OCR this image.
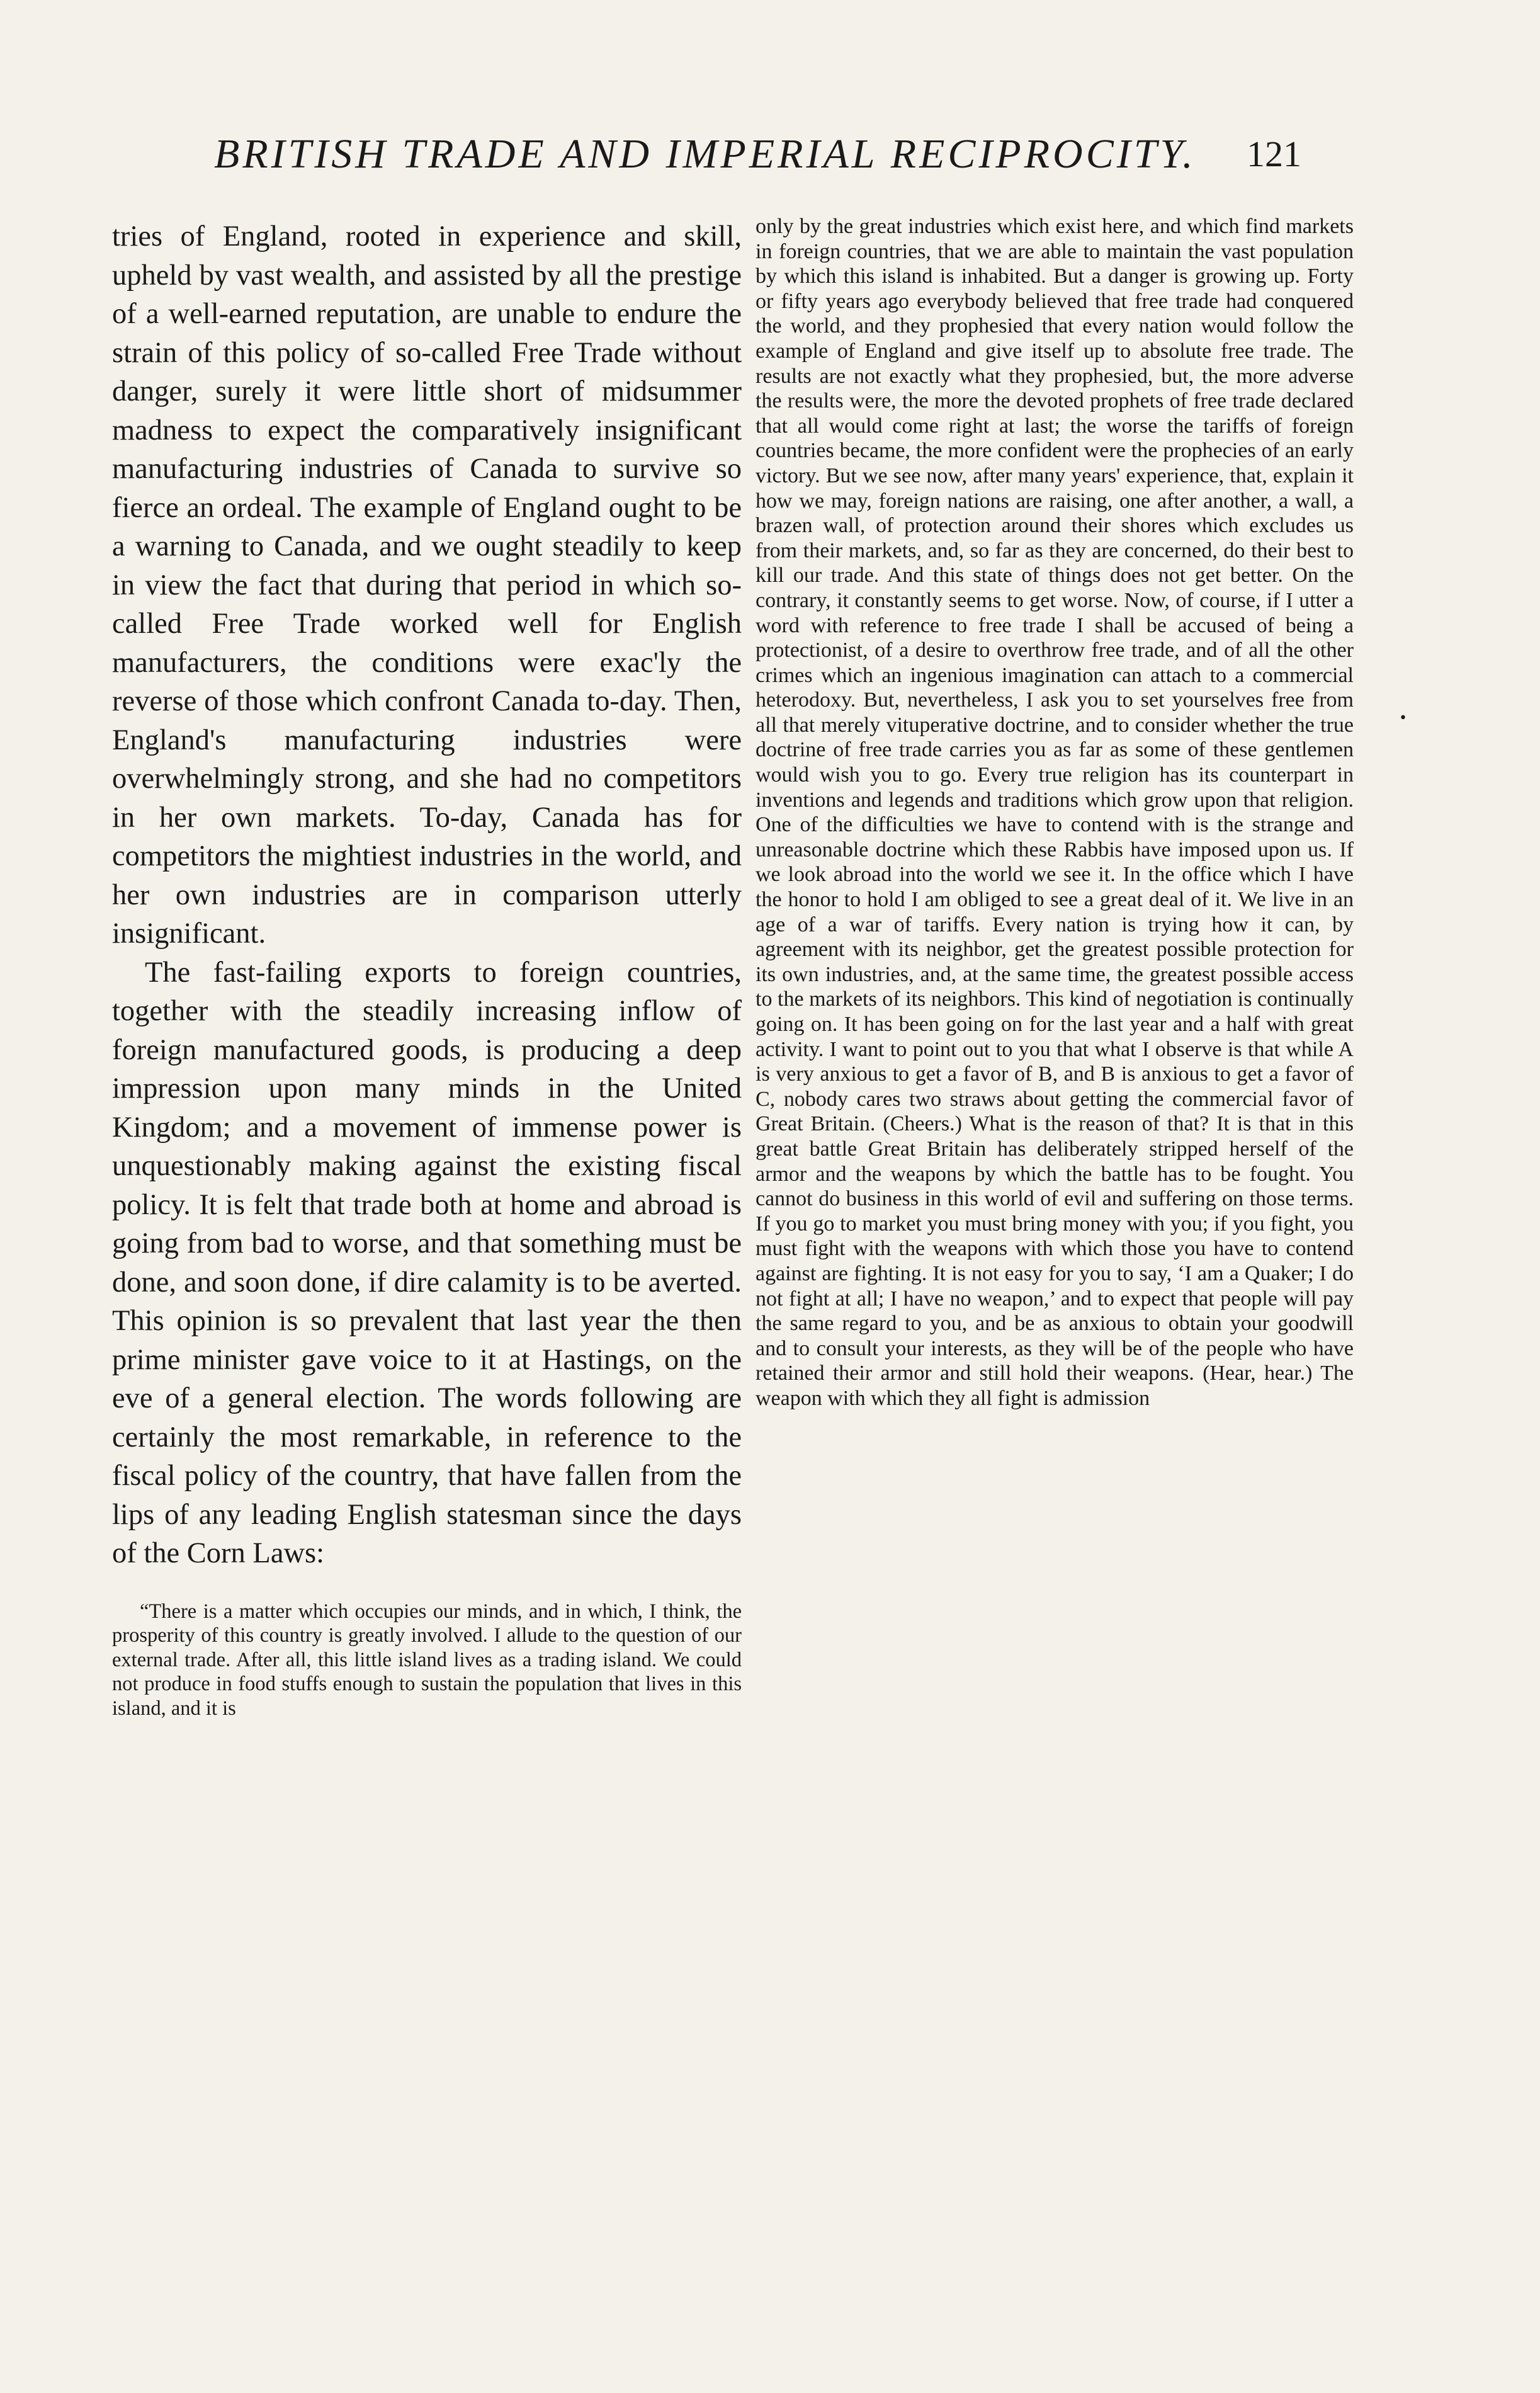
BRITISH TRADE AND IMPERIAL RECIPROCITY. 121

tries of England, rooted in experience and skill, upheld by vast wealth, and assisted by all the prestige of a well-earned reputation, are unable to endure the strain of this policy of so-called Free Trade without danger, surely it were little short of midsummer madness to expect the comparatively insignificant manufacturing industries of Canada to survive so fierce an ordeal. The example of England ought to be a warning to Canada, and we ought steadily to keep in view the fact that during that period in which so-called Free Trade worked well for English manufacturers, the conditions were exac'ly the reverse of those which confront Canada to-day. Then, England's manufacturing industries were overwhelmingly strong, and she had no competitors in her own markets. To-day, Canada has for competitors the mightiest industries in the world, and her own industries are in comparison utterly insignificant.

The fast-failing exports to foreign countries, together with the steadily increasing inflow of foreign manufactured goods, is producing a deep impression upon many minds in the United Kingdom; and a movement of immense power is unquestionably making against the existing fiscal policy. It is felt that trade both at home and abroad is going from bad to worse, and that something must be done, and soon done, if dire calamity is to be averted. This opinion is so prevalent that last year the then prime minister gave voice to it at Hastings, on the eve of a general election. The words following are certainly the most remarkable, in reference to the fiscal policy of the country, that have fallen from the lips of any leading English statesman since the days of the Corn Laws:

“There is a matter which occupies our minds, and in which, I think, the prosperity of this country is greatly involved. I allude to the question of our external trade. After all, this little island lives as a trading island. We could not produce in food stuffs enough to sustain the population that lives in this island, and it is

only by the great industries which exist here, and which find markets in foreign countries, that we are able to maintain the vast population by which this island is inhabited. But a danger is growing up. Forty or fifty years ago everybody believed that free trade had conquered the world, and they prophesied that every nation would follow the example of England and give itself up to absolute free trade. The results are not exactly what they prophesied, but, the more adverse the results were, the more the devoted prophets of free trade declared that all would come right at last; the worse the tariffs of foreign countries became, the more confident were the prophecies of an early victory. But we see now, after many years' experience, that, explain it how we may, foreign nations are raising, one after another, a wall, a brazen wall, of protection around their shores which excludes us from their markets, and, so far as they are concerned, do their best to kill our trade. And this state of things does not get better. On the contrary, it constantly seems to get worse. Now, of course, if I utter a word with reference to free trade I shall be accused of being a protectionist, of a desire to overthrow free trade, and of all the other crimes which an ingenious imagination can attach to a commercial heterodoxy. But, nevertheless, I ask you to set yourselves free from all that merely vituperative doctrine, and to consider whether the true doctrine of free trade carries you as far as some of these gentlemen would wish you to go. Every true religion has its counterpart in inventions and legends and traditions which grow upon that religion. One of the difficulties we have to contend with is the strange and unreasonable doctrine which these Rabbis have imposed upon us. If we look abroad into the world we see it. In the office which I have the honor to hold I am obliged to see a great deal of it. We live in an age of a war of tariffs. Every nation is trying how it can, by agreement with its neighbor, get the greatest possible protection for its own industries, and, at the same time, the greatest possible access to the markets of its neighbors. This kind of negotiation is continually going on. It has been going on for the last year and a half with great activity. I want to point out to you that what I observe is that while A is very anxious to get a favor of B, and B is anxious to get a favor of C, nobody cares two straws about getting the commercial favor of Great Britain. (Cheers.) What is the reason of that? It is that in this great battle Great Britain has deliberately stripped herself of the armor and the weapons by which the battle has to be fought. You cannot do business in this world of evil and suffering on those terms. If you go to market you must bring money with you; if you fight, you must fight with the weapons with which those you have to contend against are fighting. It is not easy for you to say, ‘I am a Quaker; I do not fight at all; I have no weapon,’ and to expect that people will pay the same regard to you, and be as anxious to obtain your goodwill and to consult your interests, as they will be of the people who have retained their armor and still hold their weapons. (Hear, hear.) The weapon with which they all fight is admission

•
